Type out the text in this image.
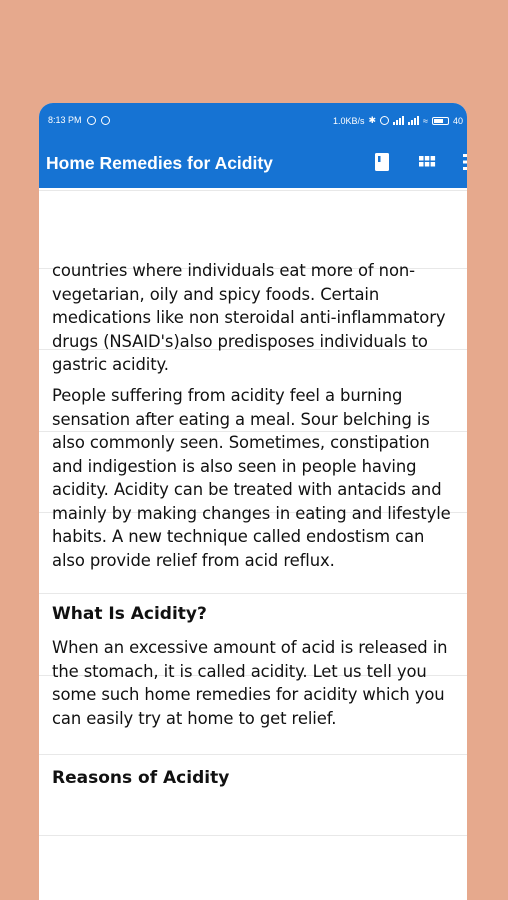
8:13 PM	1.0KB/s ✱	≈	40
Home Remedies for Acidity
countries where individuals eat more of non-vegetarian, oily and spicy foods. Certain medications like non steroidal anti-inflammatory drugs (NSAID's)also predisposes individuals to gastric acidity.
People suffering from acidity feel a burning sensation after eating a meal. Sour belching is also commonly seen. Sometimes, constipation and indigestion is also seen in people having acidity. Acidity can be treated with antacids and mainly by making changes in eating and lifestyle habits. A new technique called endostism can also provide relief from acid reflux.
What Is Acidity?
When an excessive amount of acid is released in the stomach, it is called acidity. Let us tell you some such home remedies for acidity which you can easily try at home to get relief.
Reasons of Acidity
